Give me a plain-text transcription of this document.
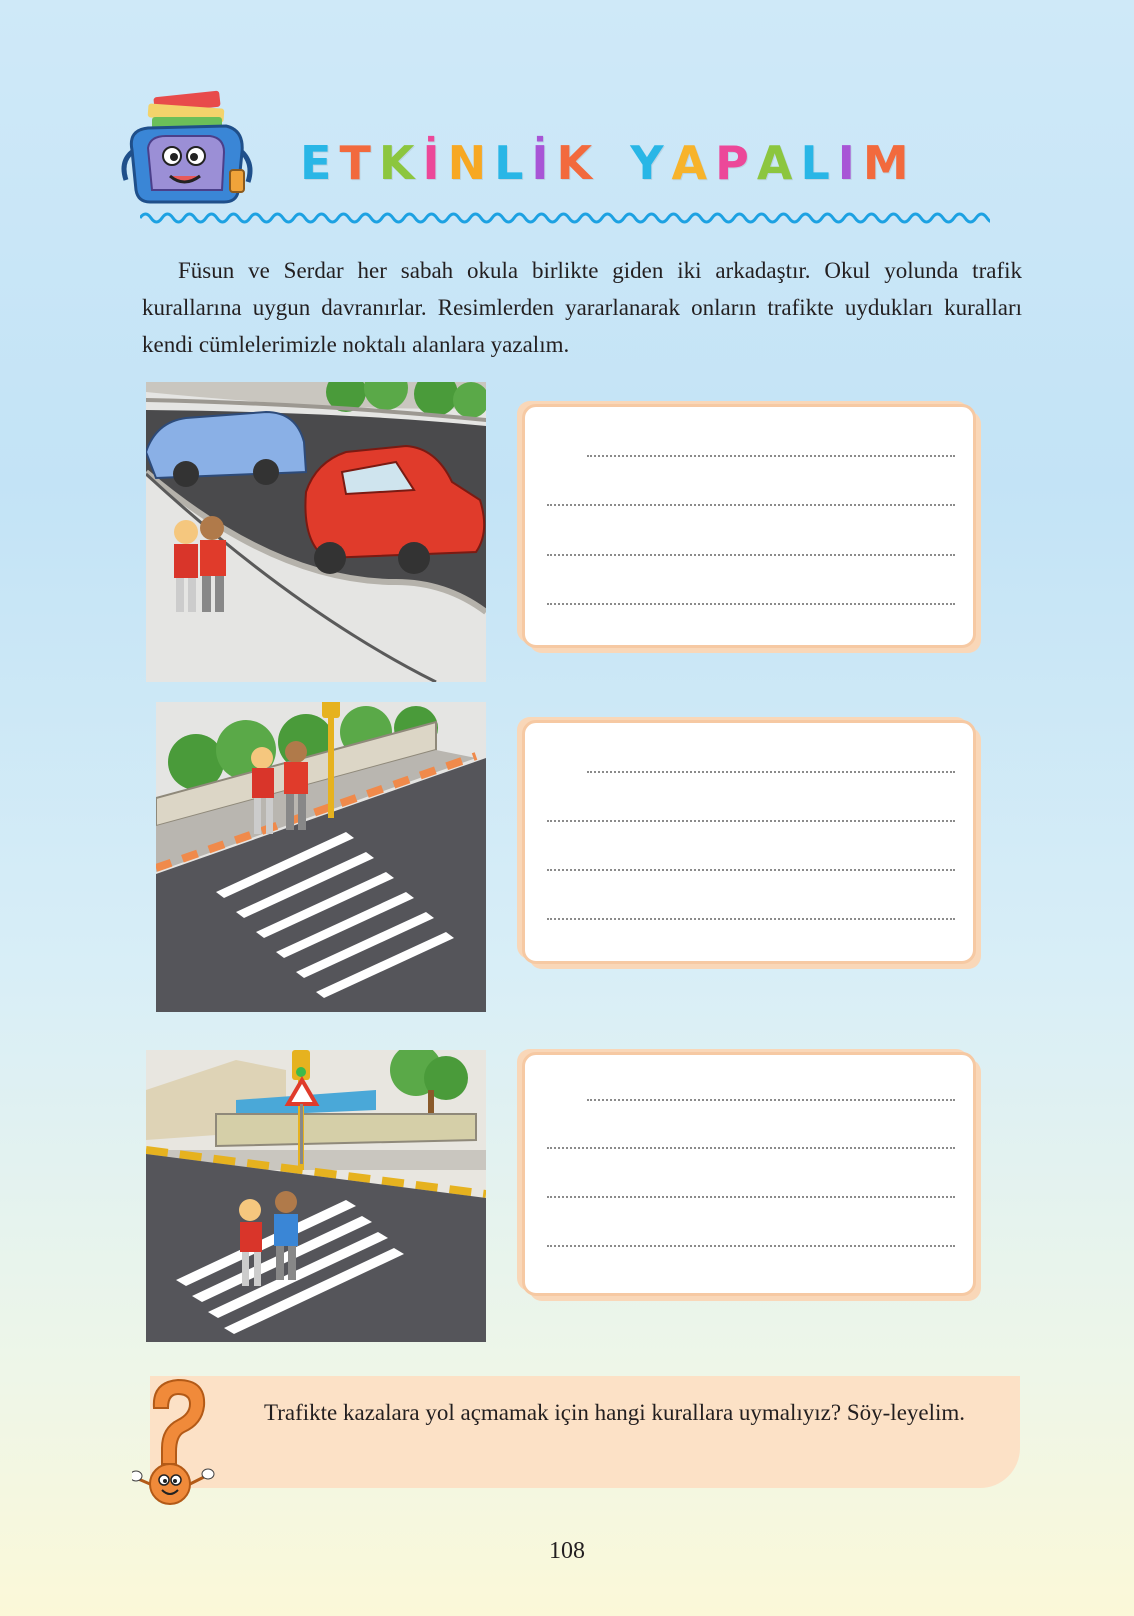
E T K İ N L İ K Y A P A L I M

Füsun ve Serdar her sabah okula birlikte giden iki arkadaştır. Okul yolunda trafik kurallarına uygun davranırlar. Resimlerden yararlanarak onların trafikte uydukları kuralları kendi cümlelerimizle noktalı alanlara yazalım.

Trafikte kazalara yol açmamak için hangi kurallara uymalıyız? Söy-leyelim.

108
